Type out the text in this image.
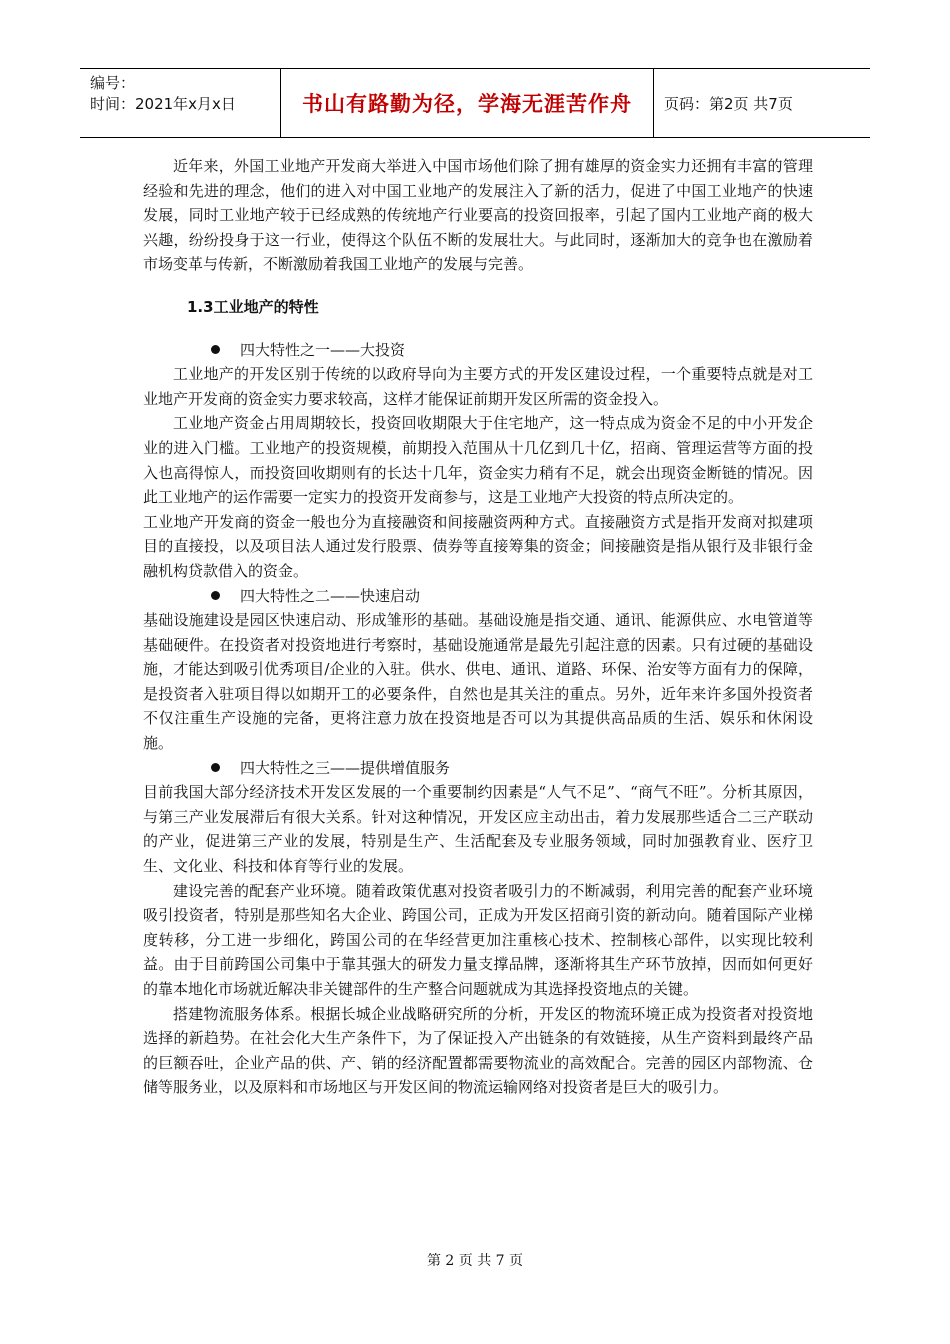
编号：
时间：2021年x月x日	书山有路勤为径，学海无涯苦作舟	页码：第2页 共7页

近年来，外国工业地产开发商大举进入中国市场他们除了拥有雄厚的资金实力还拥有丰富的管理经验和先进的理念，他们的进入对中国工业地产的发展注入了新的活力，促进了中国工业地产的快速发展，同时工业地产较于已经成熟的传统地产行业要高的投资回报率，引起了国内工业地产商的极大兴趣，纷纷投身于这一行业，使得这个队伍不断的发展壮大。与此同时，逐渐加大的竞争也在激励着市场变革与传新，不断激励着我国工业地产的发展与完善。

1.3工业地产的特性

四大特性之一——大投资

工业地产的开发区别于传统的以政府导向为主要方式的开发区建设过程，一个重要特点就是对工业地产开发商的资金实力要求较高，这样才能保证前期开发区所需的资金投入。

工业地产资金占用周期较长，投资回收期限大于住宅地产，这一特点成为资金不足的中小开发企业的进入门槛。工业地产的投资规模，前期投入范围从十几亿到几十亿，招商、管理运营等方面的投入也高得惊人，而投资回收期则有的长达十几年，资金实力稍有不足，就会出现资金断链的情况。因此工业地产的运作需要一定实力的投资开发商参与，这是工业地产大投资的特点所决定的。

工业地产开发商的资金一般也分为直接融资和间接融资两种方式。直接融资方式是指开发商对拟建项目的直接投，以及项目法人通过发行股票、债券等直接筹集的资金；间接融资是指从银行及非银行金融机构贷款借入的资金。

四大特性之二——快速启动

基础设施建设是园区快速启动、形成雏形的基础。基础设施是指交通、通讯、能源供应、水电管道等基础硬件。在投资者对投资地进行考察时，基础设施通常是最先引起注意的因素。只有过硬的基础设施，才能达到吸引优秀项目/企业的入驻。供水、供电、通讯、道路、环保、治安等方面有力的保障，是投资者入驻项目得以如期开工的必要条件，自然也是其关注的重点。另外，近年来许多国外投资者不仅注重生产设施的完备，更将注意力放在投资地是否可以为其提供高品质的生活、娱乐和休闲设施。

四大特性之三——提供增值服务

目前我国大部分经济技术开发区发展的一个重要制约因素是“人气不足”、“商气不旺”。分析其原因，与第三产业发展滞后有很大关系。针对这种情况，开发区应主动出击，着力发展那些适合二三产联动的产业，促进第三产业的发展，特别是生产、生活配套及专业服务领域，同时加强教育业、医疗卫生、文化业、科技和体育等行业的发展。

建设完善的配套产业环境。随着政策优惠对投资者吸引力的不断减弱，利用完善的配套产业环境吸引投资者，特别是那些知名大企业、跨国公司，正成为开发区招商引资的新动向。随着国际产业梯度转移，分工进一步细化，跨国公司的在华经营更加注重核心技术、控制核心部件，以实现比较利益。由于目前跨国公司集中于靠其强大的研发力量支撑品牌，逐渐将其生产环节放掉，因而如何更好的靠本地化市场就近解决非关键部件的生产整合问题就成为其选择投资地点的关键。

搭建物流服务体系。根据长城企业战略研究所的分析，开发区的物流环境正成为投资者对投资地选择的新趋势。在社会化大生产条件下，为了保证投入产出链条的有效链接，从生产资料到最终产品的巨额吞吐，企业产品的供、产、销的经济配置都需要物流业的高效配合。完善的园区内部物流、仓储等服务业，以及原料和市场地区与开发区间的物流运输网络对投资者是巨大的吸引力。

第 2 页 共 7 页
